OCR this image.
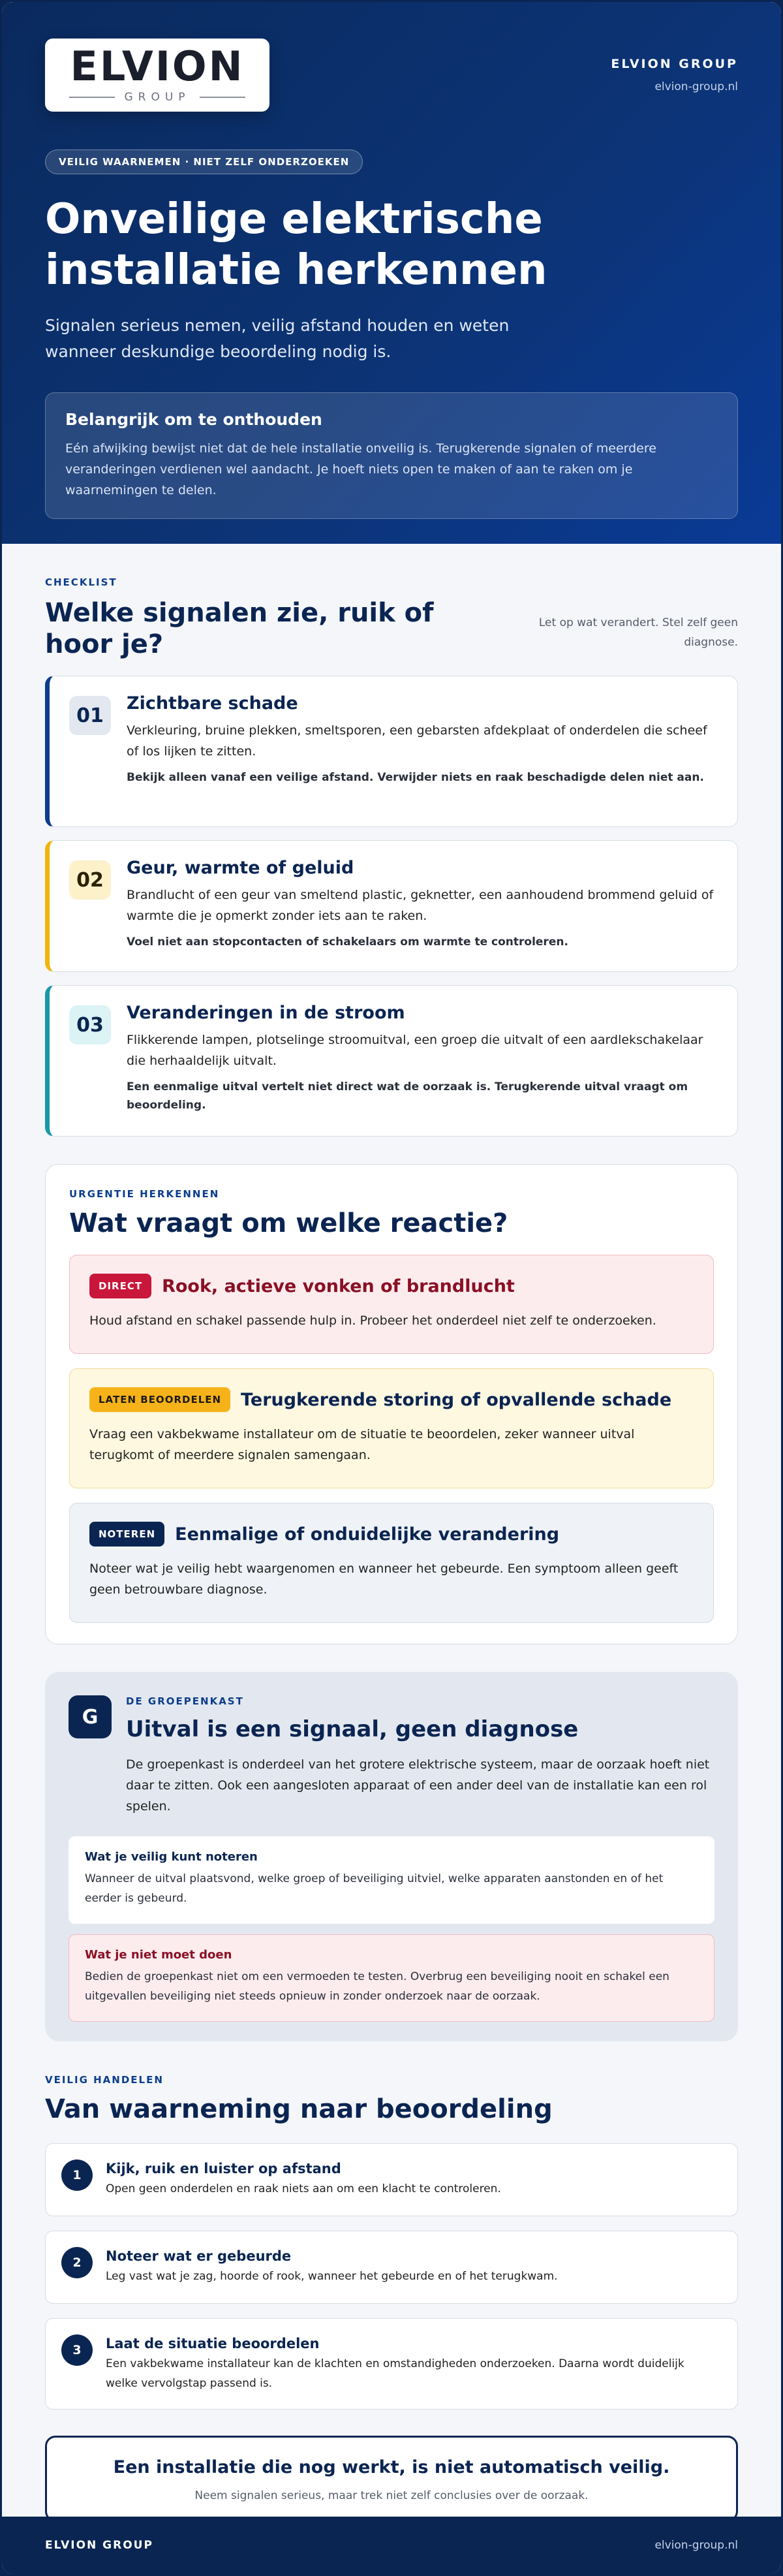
ELVION
GROUP
ELVION GROUP
elvion-group.nl
VEILIG WAARNEMEN · NIET ZELF ONDERZOEKEN
Onveilige elektrische installatie herkennen

Signalen serieus nemen, veilig afstand houden en weten wanneer deskundige beoordeling nodig is.

Belangrijk om te onthouden

Eén afwijking bewijst niet dat de hele installatie onveilig is. Terugkerende signalen of meerdere veranderingen verdienen wel aandacht. Je hoeft niets open te maken of aan te raken om je waarnemingen te delen.

CHECKLIST
Welke signalen zie, ruik of hoor je?
Let op wat verandert. Stel zelf geen diagnose.
01
Zichtbare schade

Verkleuring, bruine plekken, smeltsporen, een gebarsten afdekplaat of onderdelen die scheef of los lijken te zitten.

Bekijk alleen vanaf een veilige afstand. Verwijder niets en raak beschadigde delen niet aan.

02
Geur, warmte of geluid

Brandlucht of een geur van smeltend plastic, geknetter, een aanhoudend brommend geluid of warmte die je opmerkt zonder iets aan te raken.

Voel niet aan stopcontacten of schakelaars om warmte te controleren.

03
Veranderingen in de stroom

Flikkerende lampen, plotselinge stroomuitval, een groep die uitvalt of een aardlekschakelaar die herhaaldelijk uitvalt.

Een eenmalige uitval vertelt niet direct wat de oorzaak is. Terugkerende uitval vraagt om beoordeling.

URGENTIE HERKENNEN
Wat vraagt om welke reactie?
DIRECT	Rook, actieve vonken of brandlucht

Houd afstand en schakel passende hulp in. Probeer het onderdeel niet zelf te onderzoeken.

LATEN BEOORDELEN	Terugkerende storing of opvallende schade

Vraag een vakbekwame installateur om de situatie te beoordelen, zeker wanneer uitval terugkomt of meerdere signalen samengaan.

NOTEREN	Eenmalige of onduidelijke verandering

Noteer wat je veilig hebt waargenomen en wanneer het gebeurde. Een symptoom alleen geeft geen betrouwbare diagnose.

G
DE GROEPENKAST
Uitval is een signaal, geen diagnose

De groepenkast is onderdeel van het grotere elektrische systeem, maar de oorzaak hoeft niet daar te zitten. Ook een aangesloten apparaat of een ander deel van de installatie kan een rol spelen.

Wat je veilig kunt noteren

Wanneer de uitval plaatsvond, welke groep of beveiliging uitviel, welke apparaten aanstonden en of het eerder is gebeurd.

Wat je niet moet doen

Bedien de groepenkast niet om een vermoeden te testen. Overbrug een beveiliging nooit en schakel een uitgevallen beveiliging niet steeds opnieuw in zonder onderzoek naar de oorzaak.

VEILIG HANDELEN
Van waarneming naar beoordeling
1	Kijk, ruik en luister op afstand

Open geen onderdelen en raak niets aan om een klacht te controleren.

2	Noteer wat er gebeurde

Leg vast wat je zag, hoorde of rook, wanneer het gebeurde en of het terugkwam.

3	Laat de situatie beoordelen

Een vakbekwame installateur kan de klachten en omstandigheden onderzoeken. Daarna wordt duidelijk welke vervolgstap passend is.

Een installatie die nog werkt, is niet automatisch veilig.

Neem signalen serieus, maar trek niet zelf conclusies over de oorzaak.

ELVION GROUP	elvion-group.nl
